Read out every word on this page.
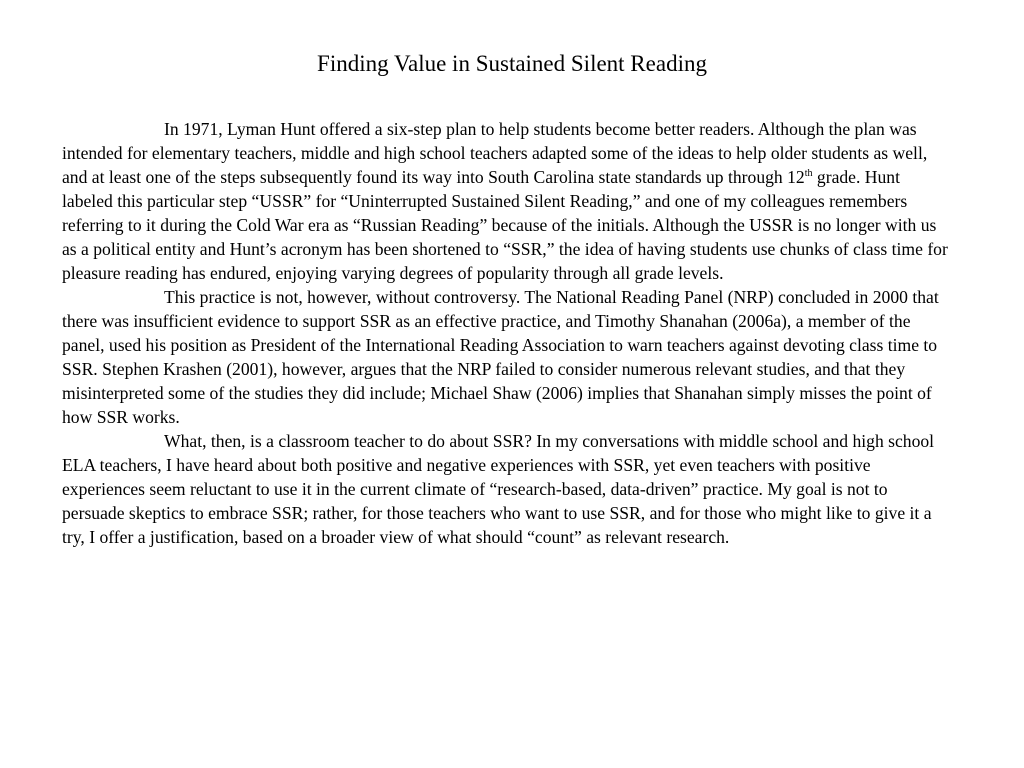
Finding Value in Sustained Silent Reading

In 1971, Lyman Hunt offered a six-step plan to help students become better readers. Although the plan was intended for elementary teachers, middle and high school teachers adapted some of the ideas to help older students as well, and at least one of the steps subsequently found its way into South Carolina state standards up through 12th grade. Hunt labeled this particular step “USSR” for “Uninterrupted Sustained Silent Reading,” and one of my colleagues remembers referring to it during the Cold War era as “Russian Reading” because of the initials. Although the USSR is no longer with us as a political entity and Hunt’s acronym has been shortened to “SSR,” the idea of having students use chunks of class time for pleasure reading has endured, enjoying varying degrees of popularity through all grade levels.

This practice is not, however, without controversy. The National Reading Panel (NRP) concluded in 2000 that there was insufficient evidence to support SSR as an effective practice, and Timothy Shanahan (2006a), a member of the panel, used his position as President of the International Reading Association to warn teachers against devoting class time to SSR. Stephen Krashen (2001), however, argues that the NRP failed to consider numerous relevant studies, and that they misinterpreted some of the studies they did include; Michael Shaw (2006) implies that Shanahan simply misses the point of how SSR works.

What, then, is a classroom teacher to do about SSR? In my conversations with middle school and high school ELA teachers, I have heard about both positive and negative experiences with SSR, yet even teachers with positive experiences seem reluctant to use it in the current climate of “research-based, data-driven” practice. My goal is not to persuade skeptics to embrace SSR; rather, for those teachers who want to use SSR, and for those who might like to give it a try, I offer a justification, based on a broader view of what should “count” as relevant research.
